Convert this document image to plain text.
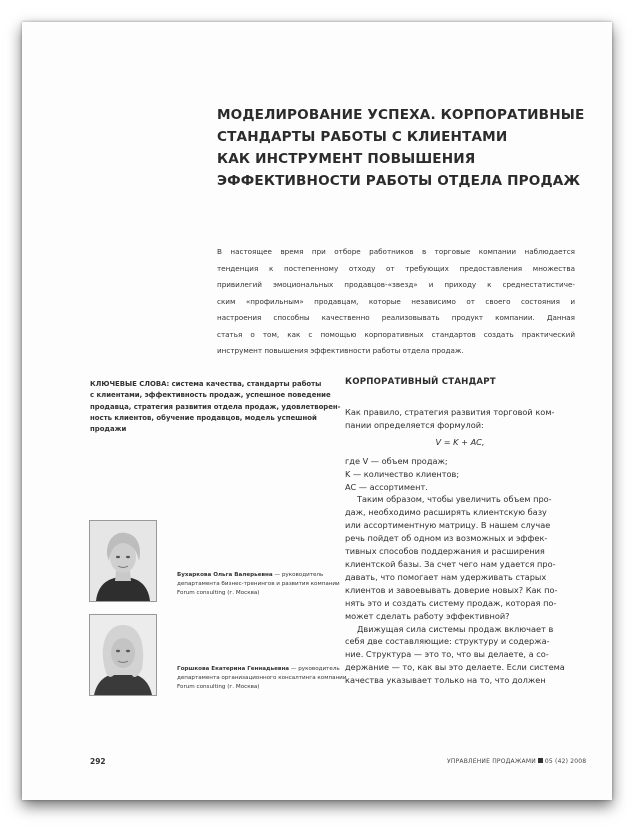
МОДЕЛИРОВАНИЕ УСПЕХА. КОРПОРАТИВНЫЕ
СТАНДАРТЫ РАБОТЫ С КЛИЕНТАМИ
КАК ИНСТРУМЕНТ ПОВЫШЕНИЯ
ЭФФЕКТИВНОСТИ РАБОТЫ ОТДЕЛА ПРОДАЖ
В настоящее время при отборе работников в торговые компании наблюдается
тенденция к постепенному отходу от требующих предоставления множества
привилегий эмоциональных продавцов-«звезд» и приходу к среднестатистиче-
ским «профильным» продавцам, которые независимо от своего состояния и
настроения способны качественно реализовывать продукт компании. Данная
статья о том, как с помощью корпоративных стандартов создать практический
инструмент повышения эффективности работы отдела продаж.
КЛЮЧЕВЫЕ СЛОВА: система качества, стандарты работы
с клиентами, эффективность продаж, успешное поведение
продавца, стратегия развития отдела продаж, удовлетворен-
ность клиентов, обучение продавцов, модель успешной
продажи
КОРПОРАТИВНЫЙ СТАНДАРТ
Как правило, стратегия развития торговой ком-
пании определяется формулой:
V = K + AC,
где V — объем продаж;
K — количество клиентов;
AC — ассортимент.
Таким образом, чтобы увеличить объем про-
даж, необходимо расширять клиентскую базу
или ассортиментную матрицу. В нашем случае
речь пойдет об одном из возможных и эффек-
тивных способов поддержания и расширения
клиентской базы. За счет чего нам удается про-
давать, что помогает нам удерживать старых
клиентов и завоевывать доверие новых? Как по-
нять это и создать систему продаж, которая по-
может сделать работу эффективной?
Движущая сила системы продаж включает в
себя две составляющие: структуру и содержа-
ние. Структура — это то, что вы делаете, а со-
держание — то, как вы это делаете. Если система
качества указывает только на то, что должен
Бухаркова Ольга Валерьевна — руководитель
департамента бизнес-тренингов и развития компании
Forum consulting (г. Москва)
Горшкова Екатерина Геннадьевна — руководитель
департамента организационного консалтинга компании
Forum consulting (г. Москва)
292	УПРАВЛЕНИЕ ПРОДАЖАМИ 05 (42) 2008
